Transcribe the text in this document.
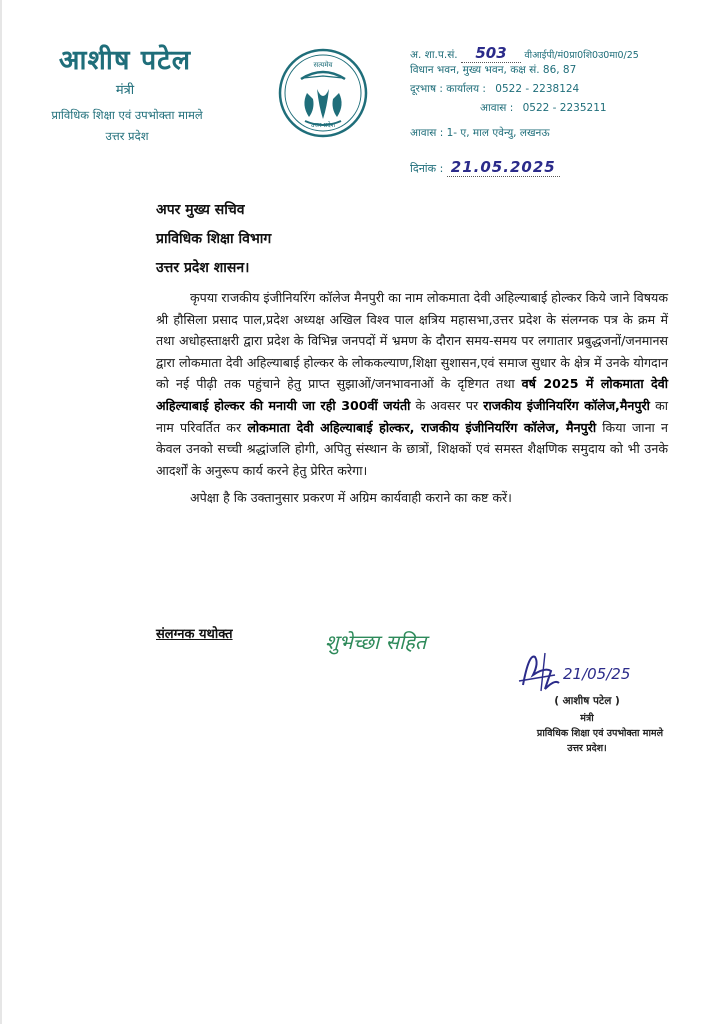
आशीष पटेल
मंत्री
प्राविधिक शिक्षा एवं उपभोक्ता मामले
उत्तर प्रदेश
सत्यमेव
उत्तर प्रदेश
अ. शा.प.सं. 503 वीआईपी/मं0प्रा0शि0उ0मा0/25
विधान भवन, मुख्य भवन, कक्ष सं. 86, 87
दूरभाष : कार्यालय : 0522 - 2238124
आवास : 0522 - 2235211
आवास : 1- ए, माल एवेन्यु, लखनऊ
दिनांक : 21.05.2025
अपर मुख्य सचिव
प्राविधिक शिक्षा विभाग
उत्तर प्रदेश शासन।

कृपया राजकीय इंजीनियरिंग कॉलेज मैनपुरी का नाम लोकमाता देवी अहिल्याबाई होल्कर किये जाने विषयक श्री हौसिला प्रसाद पाल,प्रदेश अध्यक्ष अखिल विश्व पाल क्षत्रिय महासभा,उत्तर प्रदेश के संलग्नक पत्र के क्रम में तथा अधोहस्ताक्षरी द्वारा प्रदेश के विभिन्न जनपदों में भ्रमण के दौरान समय-समय पर लगातार प्रबुद्धजनों/जनमानस द्वारा लोकमाता देवी अहिल्याबाई होल्कर के लोककल्याण,शिक्षा सुशासन,एवं समाज सुधार के क्षेत्र में उनके योगदान को नई पीढ़ी तक पहुंचाने हेतु प्राप्त सुझाओं/जनभावनाओं के दृष्टिगत तथा वर्ष 2025 में लोकमाता देवी अहिल्याबाई होल्कर की मनायी जा रही 300वीं जयंती के अवसर पर राजकीय इंजीनियरिंग कॉलेज,मैनपुरी का नाम परिवर्तित कर लोकमाता देवी अहिल्याबाई होल्कर, राजकीय इंजीनियरिंग कॉलेज, मैनपुरी किया जाना न केवल उनको सच्ची श्रद्धांजलि होगी, अपितु संस्थान के छात्रों, शिक्षकों एवं समस्त शैक्षणिक समुदाय को भी उनके आदर्शों के अनुरूप कार्य करने हेतु प्रेरित करेगा।

अपेक्षा है कि उक्तानुसार प्रकरण में अग्रिम कार्यवाही कराने का कष्ट करें।

संलग्नक यथोक्त	शुभेच्छा सहित
21/05/25
( आशीष पटेल )
मंत्री
प्राविधिक शिक्षा एवं उपभोक्ता मामले
उत्तर प्रदेश।
